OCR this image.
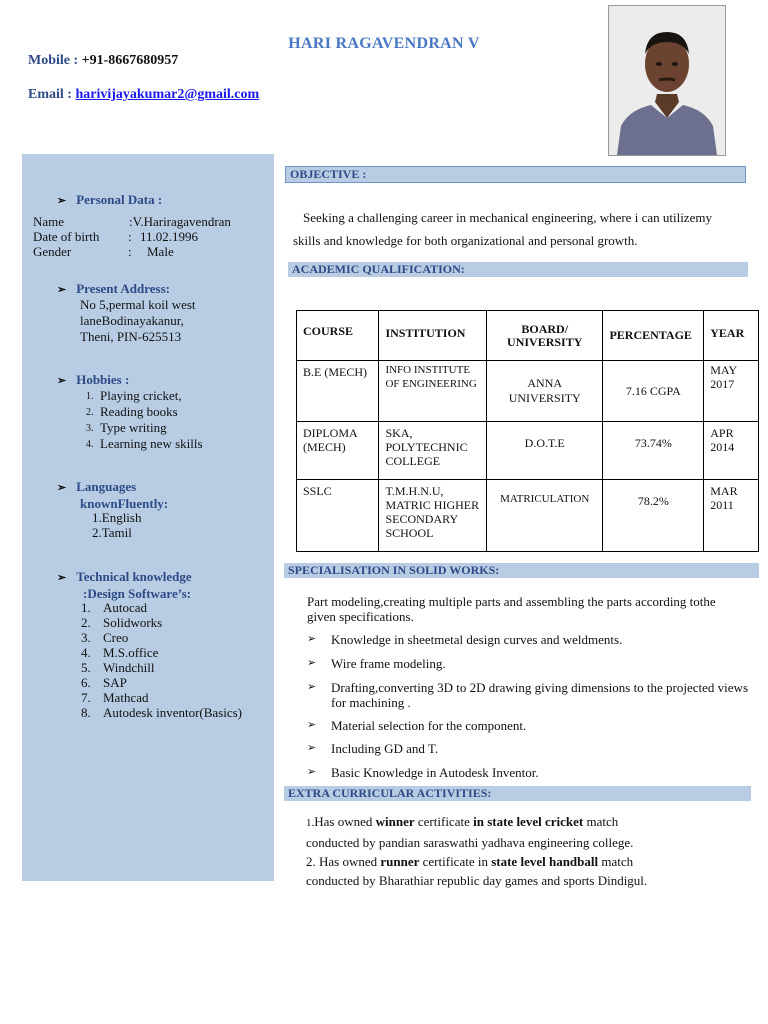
HARI RAGAVENDRAN V
Mobile : +91-8667680957
Email : harivijayakumar2@gmail.com
➢ Personal Data :
Name	: V.Hariragavendran
Date of birth	: 11.02.1996
Gender	:	Male
➢ Present Address:
No 5,permal koil west
laneBodinayakanur,
Theni, PIN-625513
➢ Hobbies :
1. Playing cricket,
2. Reading books
3. Type writing
4. Learning new skills
➢ Languages
knownFluently:
1.English
2.Tamil
➢ Technical knowledge
:Design Software’s:
1. Autocad
2. Solidworks
3. Creo
4. M.S.office
5. Windchill
6. SAP
7. Mathcad
8. Autodesk inventor(Basics)
OBJECTIVE :
Seeking a challenging career in mechanical engineering, where i can utilizemy
skills and knowledge for both organizational and personal growth.
ACADEMIC QUALIFICATION:
COURSE	INSTITUTION	BOARD/ UNIVERSITY	PERCENTAGE	YEAR
B.E (MECH)	INFO INSTITUTE OF ENGINEERING	ANNA UNIVERSITY	7.16 CGPA	MAY 2017
DIPLOMA (MECH)	SKA, POLYTECHNIC COLLEGE	D.O.T.E	73.74%	APR 2014
SSLC	T.M.H.N.U, MATRIC HIGHER SECONDARY SCHOOL	MATRICULATION	78.2%	MAR 2011
SPECIALISATION IN SOLID WORKS:
Part modeling,creating multiple parts and assembling the parts according tothe
given specifications.
➢	Knowledge in sheetmetal design curves and weldments.
➢	Wire frame modeling.
➢	Drafting,converting 3D to 2D drawing giving dimensions to the projected views for machining .
➢	Material selection for the component.
➢	Including GD and T.
➢	Basic Knowledge in Autodesk Inventor.
EXTRA CURRICULAR ACTIVITIES:
1.Has owned winner certificate in state level cricket match
conducted by pandian saraswathi yadhava engineering college.
2. Has owned runner certificate in state level handball match
conducted by Bharathiar republic day games and sports Dindigul.
